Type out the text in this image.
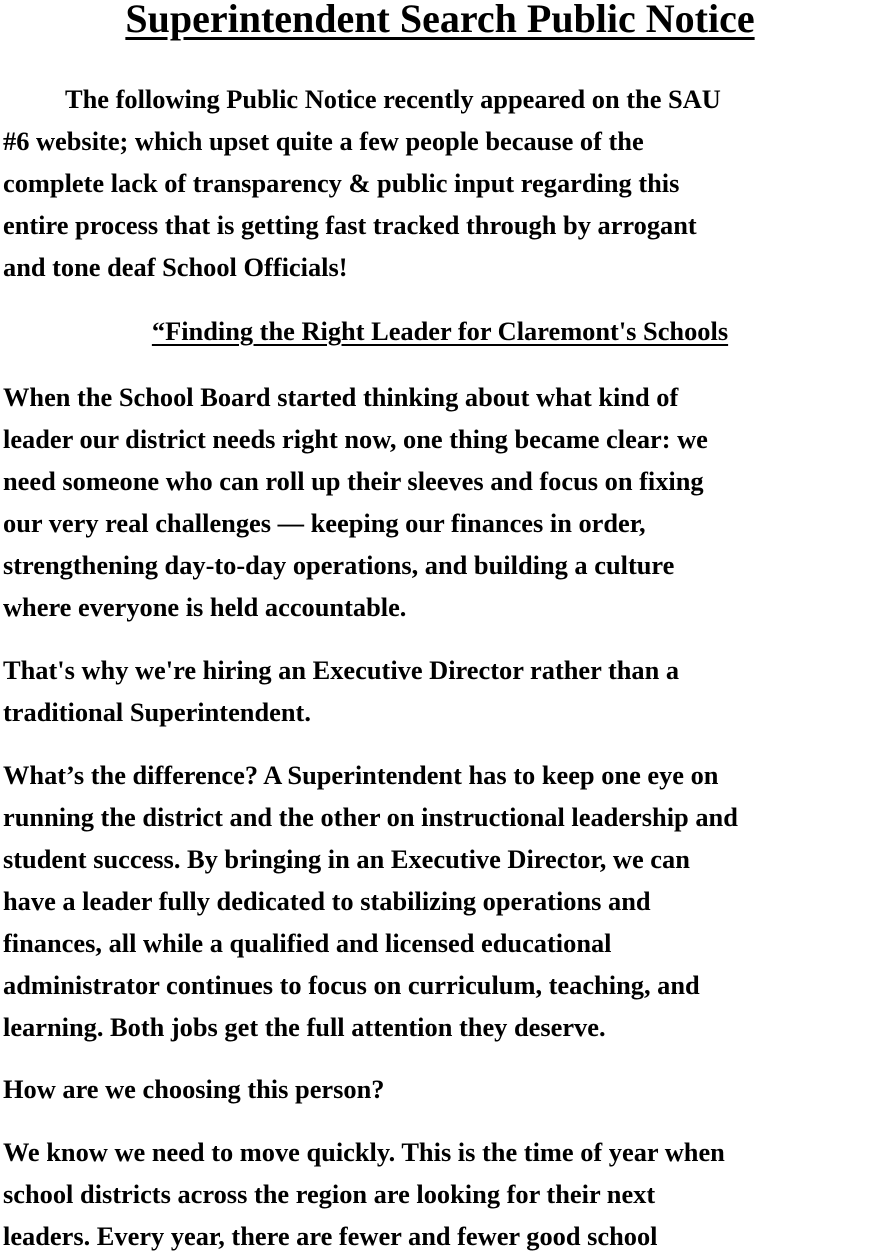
Superintendent Search Public Notice
The following Public Notice recently appeared on the SAU
#6 website; which upset quite a few people because of the
complete lack of transparency & public input regarding this
entire process that is getting fast tracked through by arrogant
and tone deaf School Officials!
“Finding the Right Leader for Claremont's Schools
When the School Board started thinking about what kind of
leader our district needs right now, one thing became clear: we
need someone who can roll up their sleeves and focus on fixing
our very real challenges — keeping our finances in order,
strengthening day-to-day operations, and building a culture
where everyone is held accountable.
That's why we're hiring an Executive Director rather than a
traditional Superintendent.
What’s the difference? A Superintendent has to keep one eye on
running the district and the other on instructional leadership and
student success. By bringing in an Executive Director, we can
have a leader fully dedicated to stabilizing operations and
finances, all while a qualified and licensed educational
administrator continues to focus on curriculum, teaching, and
learning. Both jobs get the full attention they deserve.
How are we choosing this person?
We know we need to move quickly. This is the time of year when
school districts across the region are looking for their next
leaders. Every year, there are fewer and fewer good school
